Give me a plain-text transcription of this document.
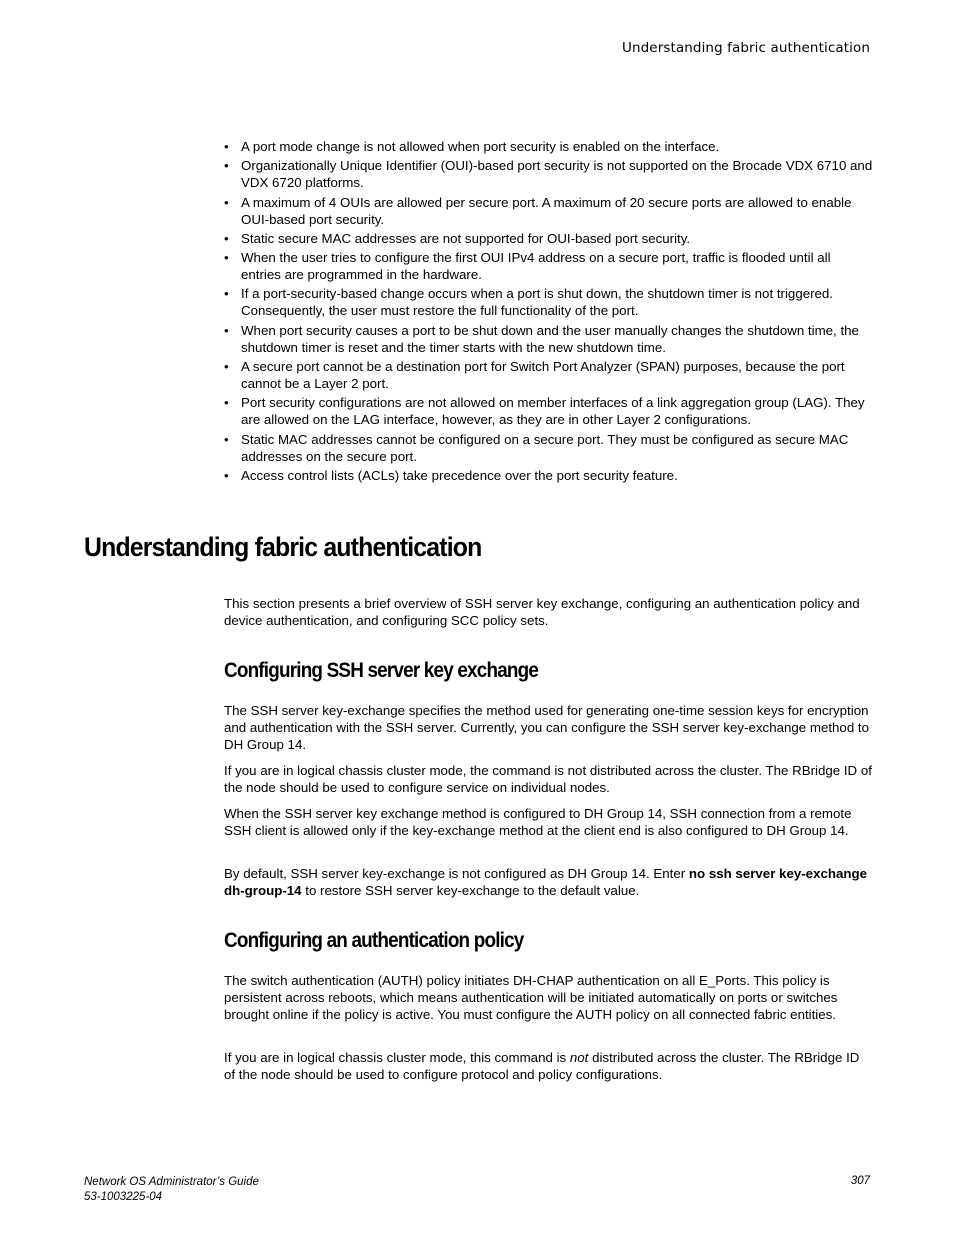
Understanding fabric authentication
• A port mode change is not allowed when port security is enabled on the interface.
• Organizationally Unique Identifier (OUI)-based port security is not supported on the Brocade VDX 6710 and VDX 6720 platforms.
• A maximum of 4 OUIs are allowed per secure port. A maximum of 20 secure ports are allowed to enable OUI-based port security.
• Static secure MAC addresses are not supported for OUI-based port security.
• When the user tries to configure the first OUI IPv4 address on a secure port, traffic is flooded until all entries are programmed in the hardware.
• If a port-security-based change occurs when a port is shut down, the shutdown timer is not triggered. Consequently, the user must restore the full functionality of the port.
• When port security causes a port to be shut down and the user manually changes the shutdown time, the shutdown timer is reset and the timer starts with the new shutdown time.
• A secure port cannot be a destination port for Switch Port Analyzer (SPAN) purposes, because the port cannot be a Layer 2 port.
• Port security configurations are not allowed on member interfaces of a link aggregation group (LAG). They are allowed on the LAG interface, however, as they are in other Layer 2 configurations.
• Static MAC addresses cannot be configured on a secure port. They must be configured as secure MAC addresses on the secure port.
• Access control lists (ACLs) take precedence over the port security feature.
Understanding fabric authentication

This section presents a brief overview of SSH server key exchange, configuring an authentication policy and device authentication, and configuring SCC policy sets.

Configuring SSH server key exchange

The SSH server key-exchange specifies the method used for generating one-time session keys for encryption and authentication with the SSH server. Currently, you can configure the SSH server key-exchange method to DH Group 14.

If you are in logical chassis cluster mode, the command is not distributed across the cluster. The RBridge ID of the node should be used to configure service on individual nodes.

When the SSH server key exchange method is configured to DH Group 14, SSH connection from a remote SSH client is allowed only if the key-exchange method at the client end is also configured to DH Group 14.

By default, SSH server key-exchange is not configured as DH Group 14. Enter no ssh server key-exchange dh-group-14 to restore SSH server key-exchange to the default value.

Configuring an authentication policy

The switch authentication (AUTH) policy initiates DH-CHAP authentication on all E_Ports. This policy is persistent across reboots, which means authentication will be initiated automatically on ports or switches brought online if the policy is active. You must configure the AUTH policy on all connected fabric entities.

If you are in logical chassis cluster mode, this command is not distributed across the cluster. The RBridge ID of the node should be used to configure protocol and policy configurations.

Network OS Administrator’s Guide
53-1003225-04
307
